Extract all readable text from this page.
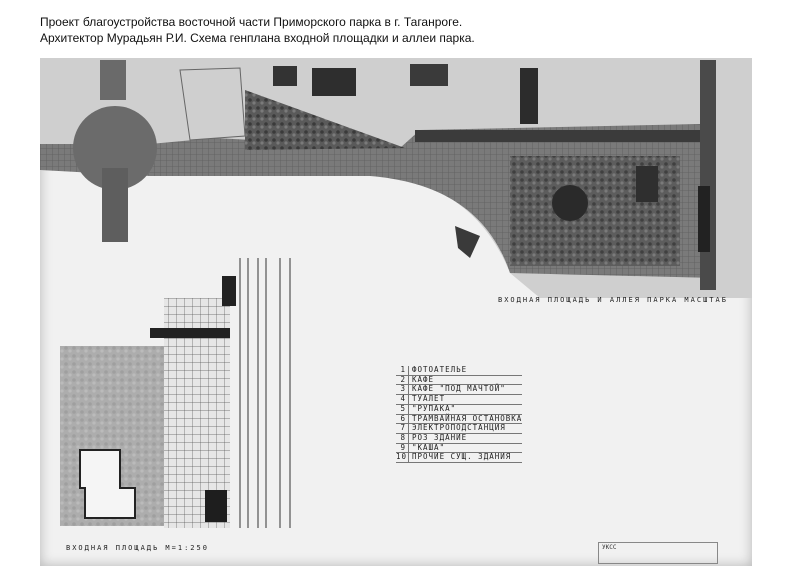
Проект благоустройства восточной части Приморского парка в г. Таганроге.
Архитектор Мурадьян Р.И. Схема генплана входной площадки и аллеи парка.
ВХОДНАЯ ПЛОЩАДЬ И АЛЛЕЯ ПАРКА МАСШТАБ
ВХОДНАЯ ПЛОЩАДЬ М=1:250
1 ФОТОАТЕЛЬЕ
2 КАФЕ
3 КАФЕ "ПОД МАЧТОЙ"
4 ТУАЛЕТ
5 "РУПАКА"
6 ТРАМВАЙНАЯ ОСТАНОВКА
7 ЭЛЕКТРОПОДСТАНЦИЯ
8 РОЗ ЗДАНИЕ
9 "КАША"
10 ПРОЧИЕ СУЩ. ЗДАНИЯ
УКСС
